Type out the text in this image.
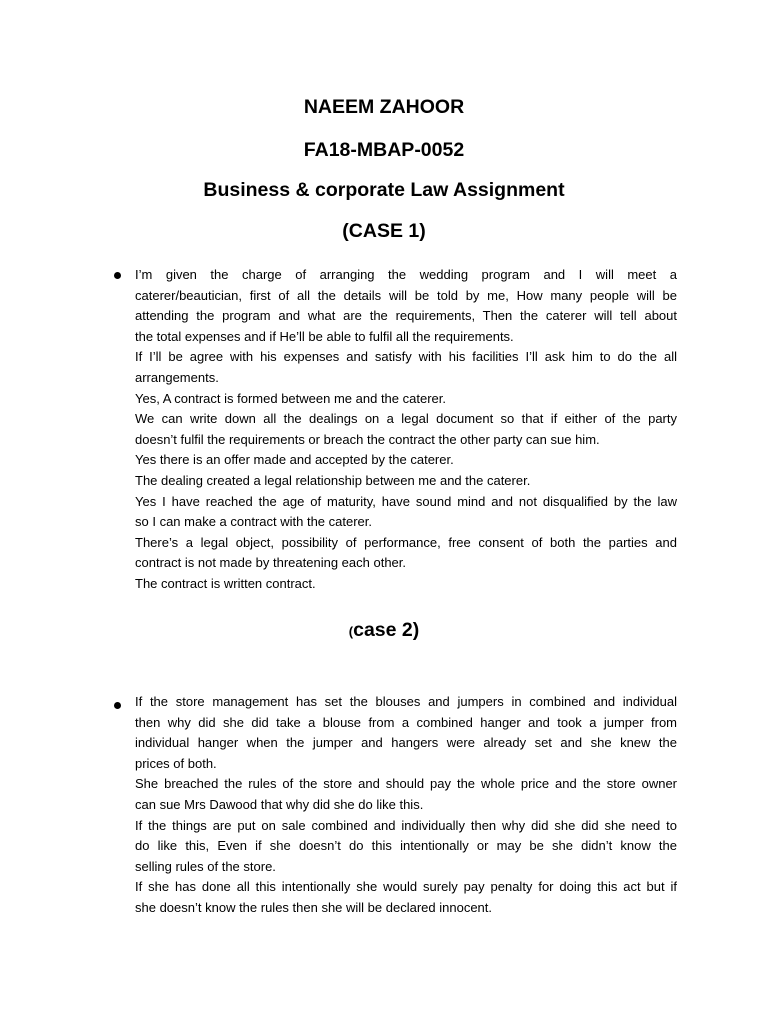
NAEEM ZAHOOR
FA18-MBAP-0052
Business & corporate Law Assignment
(CASE 1)
I’m given the charge of arranging the wedding program and I will meet a
caterer/beautician, first of all the details will be told by me, How many people will be
attending the program and what are the requirements, Then the caterer will tell about
the total expenses and if He’ll be able to fulfil all the requirements.
If I’ll be agree with his expenses and satisfy with his facilities I’ll ask him to do the all
arrangements.
Yes, A contract is formed between me and the caterer.
We can write down all the dealings on a legal document so that if either of the party
doesn’t fulfil the requirements or breach the contract the other party can sue him.
Yes there is an offer made and accepted by the caterer.
The dealing created a legal relationship between me and the caterer.
Yes I have reached the age of maturity, have sound mind and not disqualified by the law
so I can make a contract with the caterer.
There’s a legal object, possibility of performance, free consent of both the parties and
contract is not made by threatening each other.
The contract is written contract.
(case 2)
If the store management has set the blouses and jumpers in combined and individual
then why did she did take a blouse from a combined hanger and took a jumper from
individual hanger when the jumper and hangers were already set and she knew the
prices of both.
She breached the rules of the store and should pay the whole price and the store owner
can sue Mrs Dawood that why did she do like this.
If the things are put on sale combined and individually then why did she did she need to
do like this, Even if she doesn’t do this intentionally or may be she didn’t know the
selling rules of the store.
If she has done all this intentionally she would surely pay penalty for doing this act but if
she doesn’t know the rules then she will be declared innocent.
